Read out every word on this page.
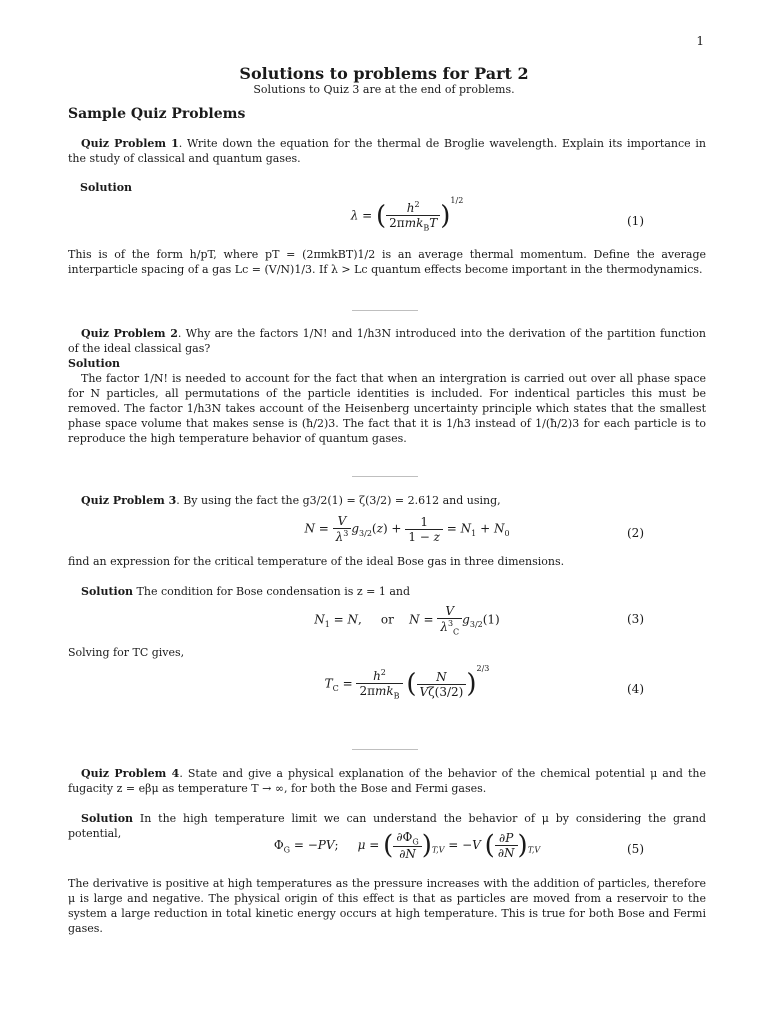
1
Solutions to problems for Part 2
Solutions to Quiz 3 are at the end of problems.
Sample Quiz Problems
Quiz Problem 1. Write down the equation for the thermal de Broglie wavelength. Explain its importance in the study of classical and quantum gases.
Solution
λ = ( $\frac{h^2}{2\pi mk_BT} )^{1/2}$
(1)
This is of the form h/pT, where pT = (2πmkBT)1/2 is an average thermal momentum. Define the average interparticle spacing of a gas Lc = (V/N)1/3. If λ > Lc quantum effects become important in the thermodynamics.
Quiz Problem 2. Why are the factors 1/N! and 1/h3N introduced into the derivation of the partition function of the ideal classical gas?
Solution
The factor 1/N! is needed to account for the fact that when an intergration is carried out over all phase space for N particles, all permutations of the particle identities is included. For indentical particles this must be removed. The factor 1/h3N takes account of the Heisenberg uncertainty principle which states that the smallest phase space volume that makes sense is (ħ/2)3. The fact that it is 1/h3 instead of 1/(ħ/2)3 for each particle is to reproduce the high temperature behavior of quantum gases.
Quiz Problem 3. By using the fact the g3/2(1) = ζ(3/2) = 2.612 and using,
$N = \frac{V}{\lambda^3} g_{3/2}(z) + \frac{1}{1 - z} = N_1 + N_0$	(2)
find an expression for the critical temperature of the ideal Bose gas in three dimensions.
Solution The condition for Bose condensation is z = 1 and
$N_1 = N$,     or    $N = \frac{V}{\lambda^3_C} g_{3/2}(1)$	(3)
Solving for TC gives,
$T_C = \frac{h^2}{2\pi mk_B}$ ( $\frac{N}{V\zeta(3/2)} )^{2/3}$
(4)
Quiz Problem 4. State and give a physical explanation of the behavior of the chemical potential μ and the fugacity z = eβμ as temperature T → ∞, for both the Bose and Fermi gases.
Solution In the high temperature limit we can understand the behavior of μ by considering the grand potential,
$\Phi_G = -PV$;     μ = ( $\frac{\partial\Phi_G}{\partial N} )_{T,V} = -V$ ( $\frac{\partial P}{\partial N} )_{T,V}$	(5)
The derivative is positive at high temperatures as the pressure increases with the addition of particles, therefore μ is large and negative. The physical origin of this effect is that as particles are moved from a reservoir to the system a large reduction in total kinetic energy occurs at high temperature. This is true for both Bose and Fermi gases.
